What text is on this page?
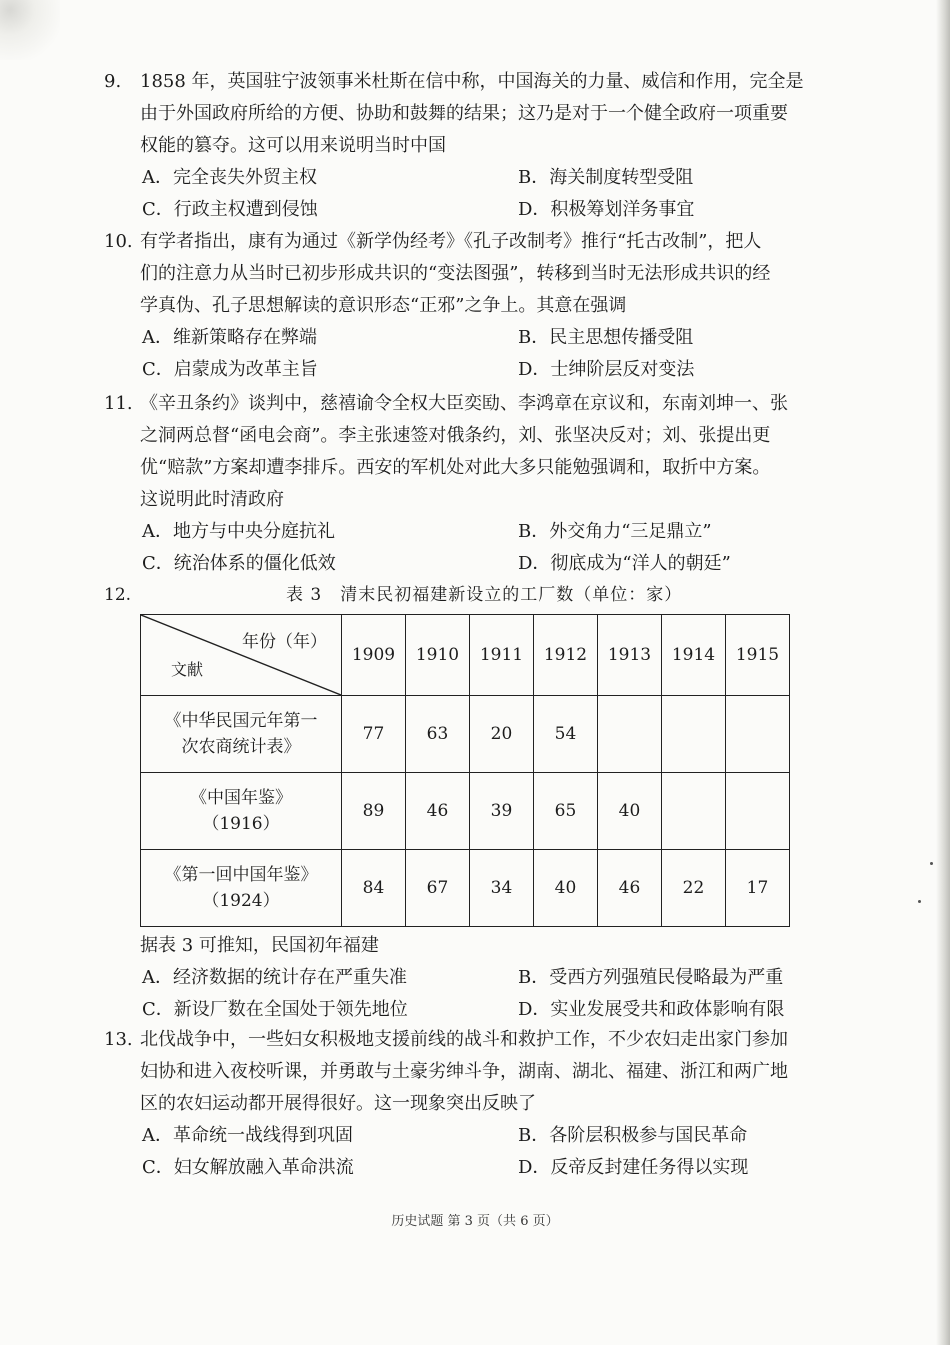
9. 1858 年，英国驻宁波领事米杜斯在信中称，中国海关的力量、威信和作用，完全是
由于外国政府所给的方便、协助和鼓舞的结果；这乃是对于一个健全政府一项重要
权能的篡夺。这可以用来说明当时中国
A．完全丧失外贸主权	B．海关制度转型受阻
C．行政主权遭到侵蚀	D．积极筹划洋务事宜
10. 有学者指出，康有为通过《新学伪经考》《孔子改制考》推行“托古改制”，把人
们的注意力从当时已初步形成共识的“变法图强”，转移到当时无法形成共识的经
学真伪、孔子思想解读的意识形态“正邪”之争上。其意在强调
A．维新策略存在弊端	B．民主思想传播受阻
C．启蒙成为改革主旨	D．士绅阶层反对变法
11. 《辛丑条约》谈判中，慈禧谕令全权大臣奕劻、李鸿章在京议和，东南刘坤一、张
之洞两总督“函电会商”。李主张速签对俄条约，刘、张坚决反对；刘、张提出更
优“赔款”方案却遭李排斥。西安的军机处对此大多只能勉强调和，取折中方案。
这说明此时清政府
A．地方与中央分庭抗礼	B．外交角力“三足鼎立”
C．统治体系的僵化低效	D．彻底成为“洋人的朝廷”
12.	表 3　清末民初福建新设立的工厂数（单位：家）
年份（年）
文献	1909	1910	1911	1912	1913	1914	1915

《中华民国元年第一
次农商统计表》	77	63	20	54			

《中国年鉴》
（1916）	89	46	39	65	40		

《第一回中国年鉴》
（1924）	84	67	34	40	46	22	17
据表 3 可推知，民国初年福建
A．经济数据的统计存在严重失准	B．受西方列强殖民侵略最为严重
C．新设厂数在全国处于领先地位	D．实业发展受共和政体影响有限
13. 北伐战争中，一些妇女积极地支援前线的战斗和救护工作，不少农妇走出家门参加
妇协和进入夜校听课，并勇敢与土豪劣绅斗争，湖南、湖北、福建、浙江和两广地
区的农妇运动都开展得很好。这一现象突出反映了
A．革命统一战线得到巩固	B．各阶层积极参与国民革命
C．妇女解放融入革命洪流	D．反帝反封建任务得以实现
历史试题 第 3 页（共 6 页）
